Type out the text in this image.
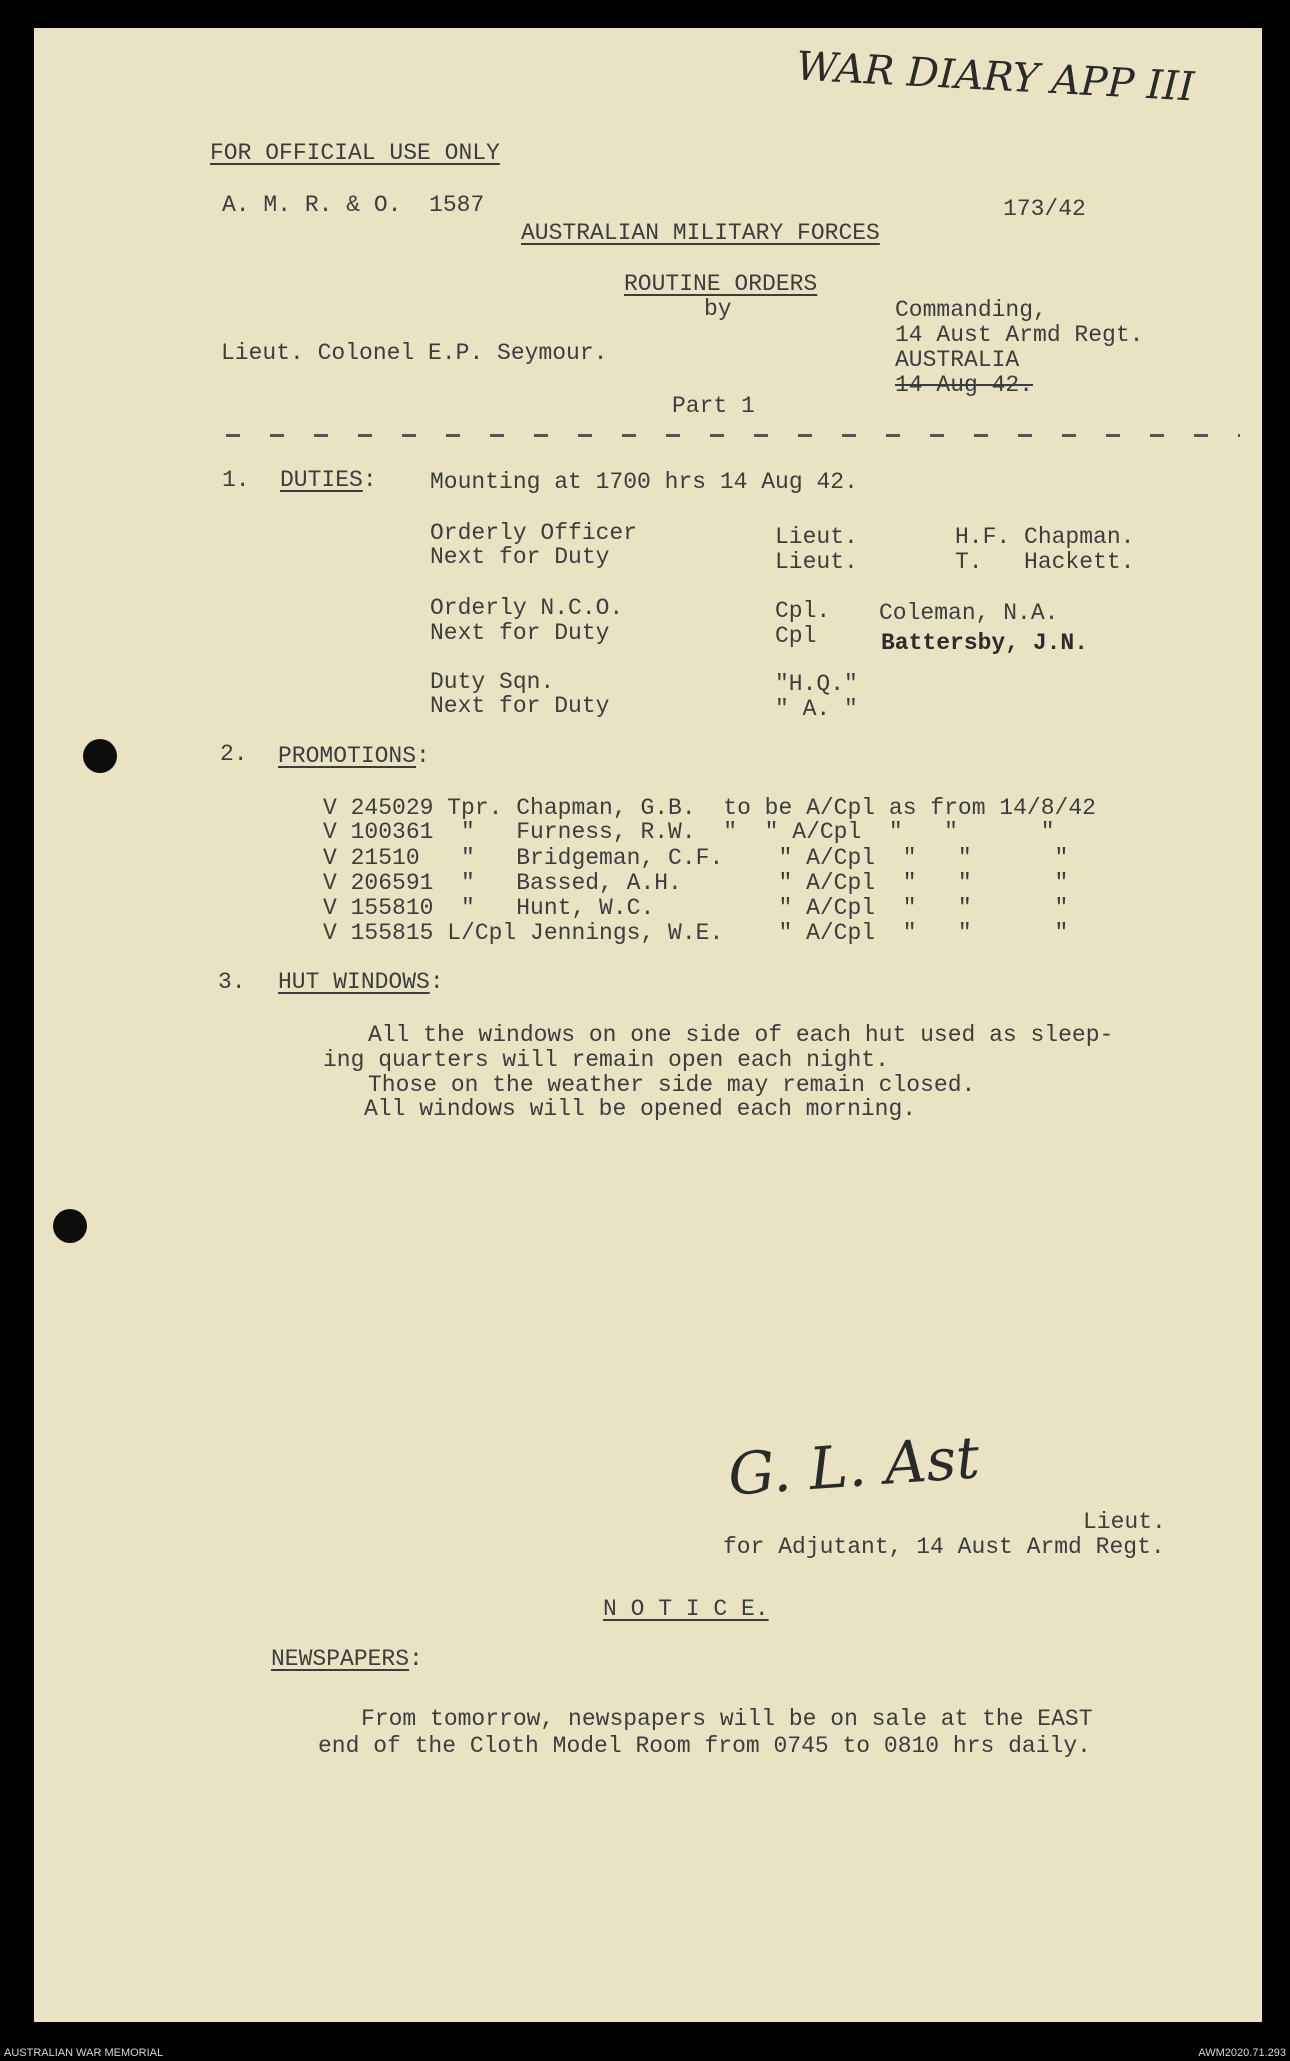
WAR DIARY APP III
FOR OFFICIAL USE ONLY
A. M. R. & O.  1587	173/42
AUSTRALIAN MILITARY FORCES
ROUTINE ORDERS
by
Lieut. Colonel E.P. Seymour.
Commanding,
14 Aust Armd Regt.
AUSTRALIA
14 Aug 42.
Part 1
1. DUTIES: Mounting at 1700 hrs 14 Aug 42.
Orderly Officer	Lieut.	H.F. Chapman.
Next for Duty	Lieut.	T.   Hackett.
Orderly N.C.O.	Cpl. Coleman, N.A.
Next for Duty	Cpl	Battersby, J.N.
Duty Sqn.	"H.Q."
Next for Duty	" A. "
2. PROMOTIONS:
V 245029 Tpr. Chapman, G.B.  to be A/Cpl as from 14/8/42
V 100361  "   Furness, R.W.  "  " A/Cpl  "   "      "
V 21510   "   Bridgeman, C.F.    " A/Cpl  "   "      "
V 206591  "   Bassed, A.H.       " A/Cpl  "   "      "
V 155810  "   Hunt, W.C.         " A/Cpl  "   "      "
V 155815 L/Cpl Jennings, W.E.    " A/Cpl  "   "      "
3. HUT WINDOWS:
All the windows on one side of each hut used as sleep-
ing quarters will remain open each night.
Those on the weather side may remain closed.
All windows will be opened each morning.
G. L. Ast
Lieut.
for Adjutant, 14 Aust Armd Regt.
N O T I C E.
NEWSPAPERS:
From tomorrow, newspapers will be on sale at the EAST
end of the Cloth Model Room from 0745 to 0810 hrs daily.
AUSTRALIAN WAR MEMORIAL	AWM2020.71.293
